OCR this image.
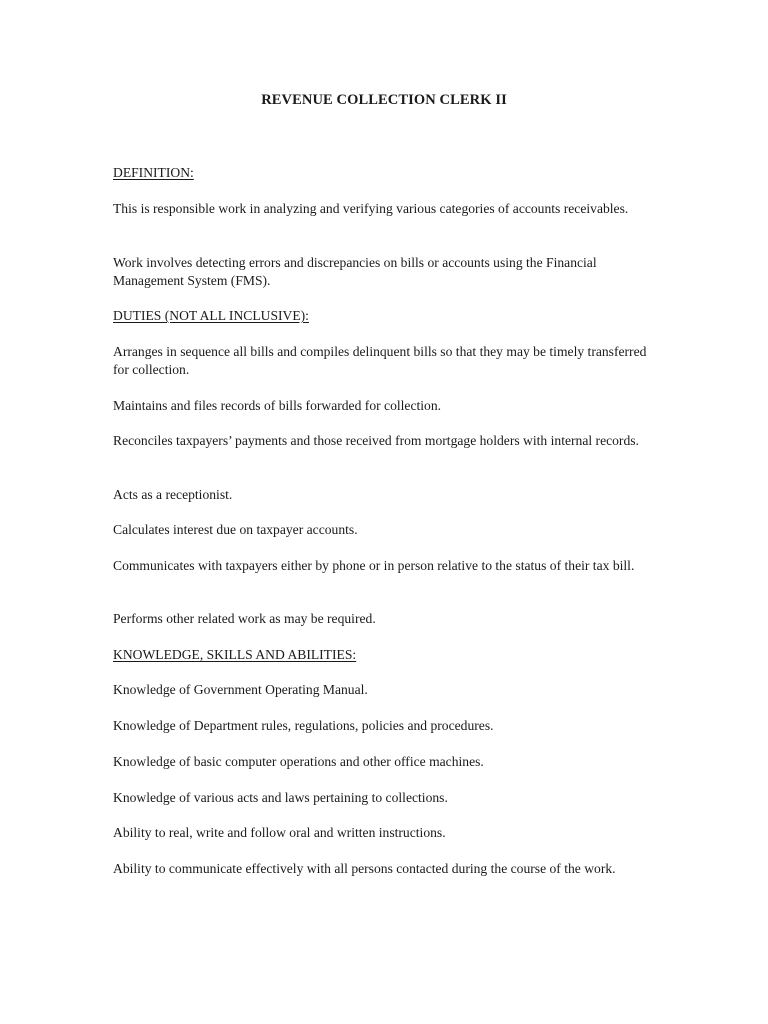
REVENUE COLLECTION CLERK II
DEFINITION:
This is responsible work in analyzing and verifying various categories of accounts receivables.
Work involves detecting errors and discrepancies on bills or accounts using the Financial Management System (FMS).
DUTIES (NOT ALL INCLUSIVE):
Arranges in sequence all bills and compiles delinquent bills so that they may be timely transferred for collection.
Maintains and files records of bills forwarded for collection.
Reconciles taxpayers’ payments and those received from mortgage holders with internal records.
Acts as a receptionist.
Calculates interest due on taxpayer accounts.
Communicates with taxpayers either by phone or in person relative to the status of their tax bill.
Performs other related work as may be required.
KNOWLEDGE, SKILLS AND ABILITIES:
Knowledge of Government Operating Manual.
Knowledge of Department rules, regulations, policies and procedures.
Knowledge of basic computer operations and other office machines.
Knowledge of various acts and laws pertaining to collections.
Ability to real, write and follow oral and written instructions.
Ability to communicate effectively with all persons contacted during the course of the work.
